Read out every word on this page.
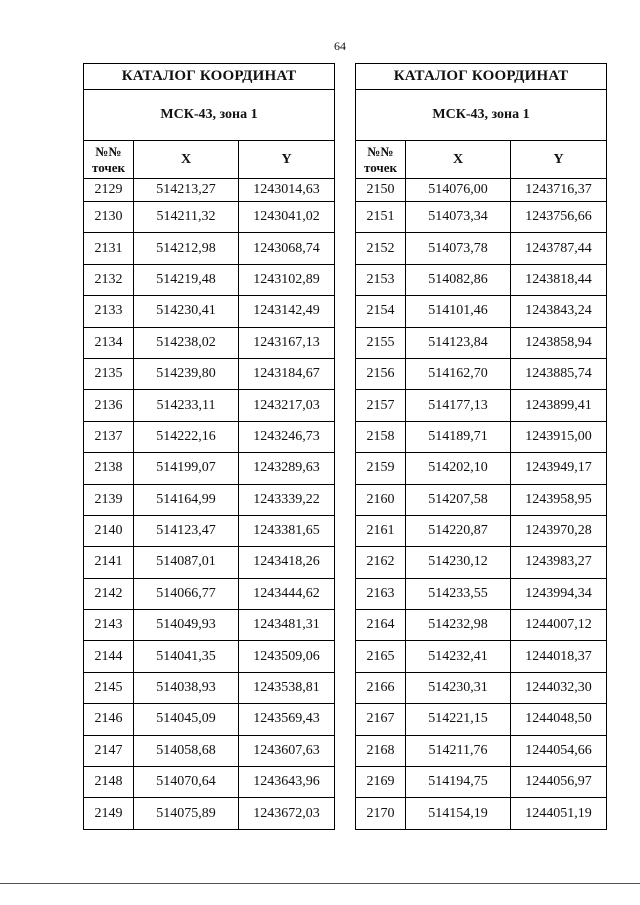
64
КАТАЛОГ КООРДИНАТ		
МСК-43, зона 1		

№№
точек	X	Y
2129	514213,27	1243014,63
2130	514211,32	1243041,02
2131	514212,98	1243068,74
2132	514219,48	1243102,89
2133	514230,41	1243142,49
2134	514238,02	1243167,13
2135	514239,80	1243184,67
2136	514233,11	1243217,03
2137	514222,16	1243246,73
2138	514199,07	1243289,63
2139	514164,99	1243339,22
2140	514123,47	1243381,65
2141	514087,01	1243418,26
2142	514066,77	1243444,62
2143	514049,93	1243481,31
2144	514041,35	1243509,06
2145	514038,93	1243538,81
2146	514045,09	1243569,43
2147	514058,68	1243607,63
2148	514070,64	1243643,96
2149	514075,89	1243672,03
КАТАЛОГ КООРДИНАТ		
МСК-43, зона 1		

№№
точек	X	Y
2150	514076,00	1243716,37
2151	514073,34	1243756,66
2152	514073,78	1243787,44
2153	514082,86	1243818,44
2154	514101,46	1243843,24
2155	514123,84	1243858,94
2156	514162,70	1243885,74
2157	514177,13	1243899,41
2158	514189,71	1243915,00
2159	514202,10	1243949,17
2160	514207,58	1243958,95
2161	514220,87	1243970,28
2162	514230,12	1243983,27
2163	514233,55	1243994,34
2164	514232,98	1244007,12
2165	514232,41	1244018,37
2166	514230,31	1244032,30
2167	514221,15	1244048,50
2168	514211,76	1244054,66
2169	514194,75	1244056,97
2170	514154,19	1244051,19
